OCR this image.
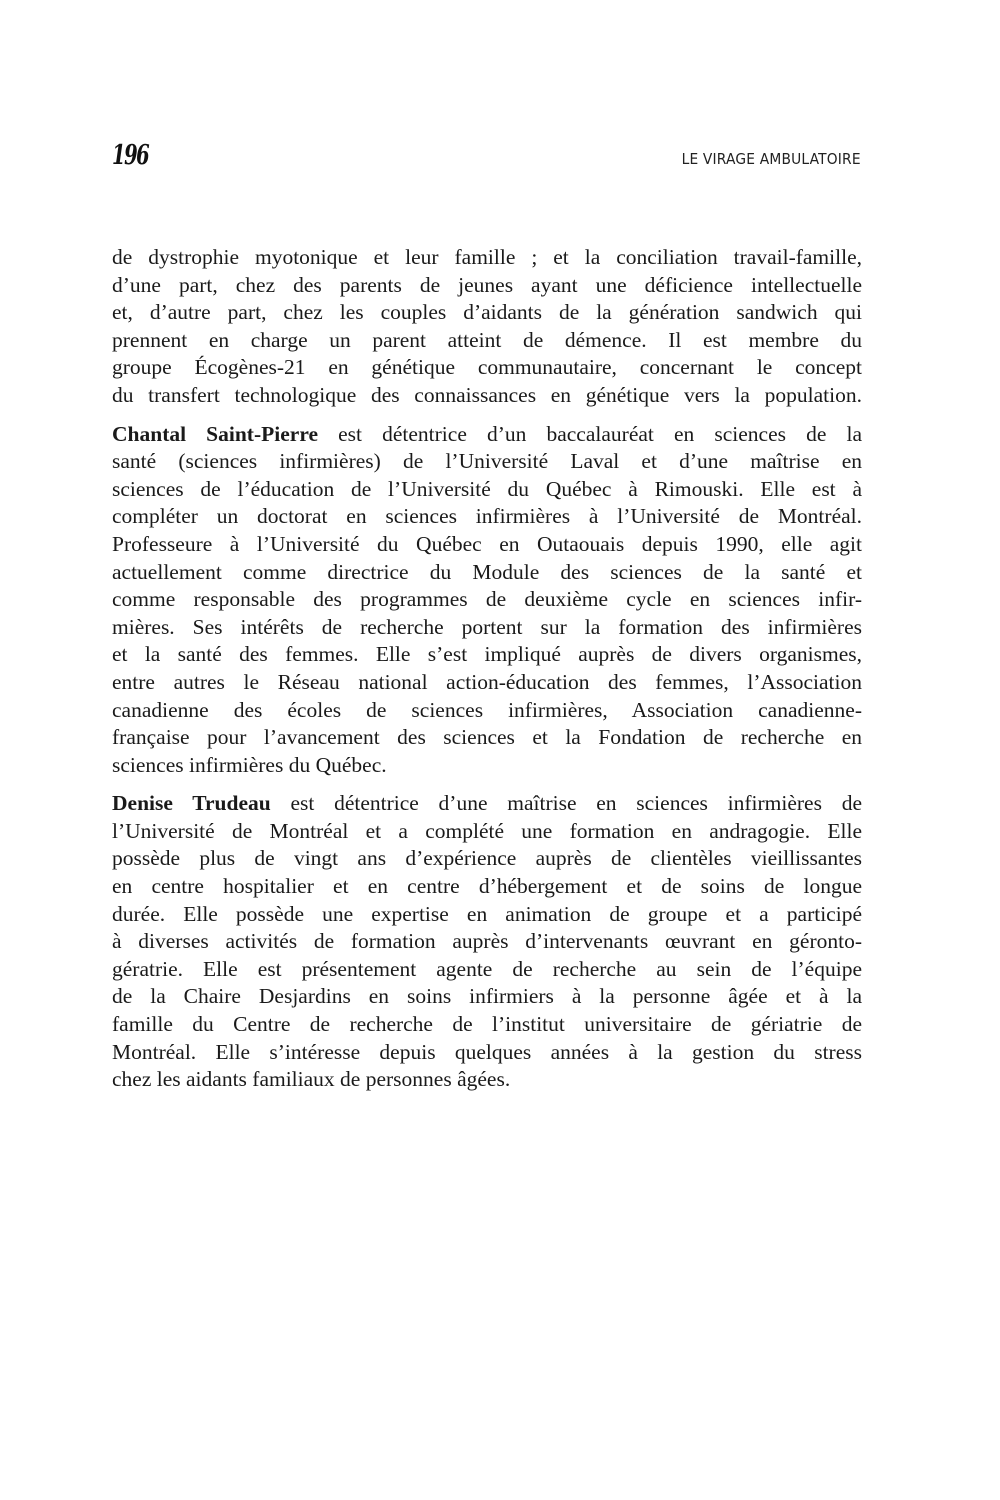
196	LE VIRAGE AMBULATOIRE
de dystrophie myotonique et leur famille ; et la conciliation travail-famille,
d’une part, chez des parents de jeunes ayant une déficience intellectuelle
et, d’autre part, chez les couples d’aidants de la génération sandwich qui
prennent en charge un parent atteint de démence. Il est membre du
groupe Écogènes-21 en génétique communautaire, concernant le concept
du transfert technologique des connaissances en génétique vers la population.
Chantal Saint-Pierre est détentrice d’un baccalauréat en sciences de la
santé (sciences infirmières) de l’Université Laval et d’une maîtrise en
sciences de l’éducation de l’Université du Québec à Rimouski. Elle est à
compléter un doctorat en sciences infirmières à l’Université de Montréal.
Professeure à l’Université du Québec en Outaouais depuis 1990, elle agit
actuellement comme directrice du Module des sciences de la santé et
comme responsable des programmes de deuxième cycle en sciences infir-
mières. Ses intérêts de recherche portent sur la formation des infirmières
et la santé des femmes. Elle s’est impliqué auprès de divers organismes,
entre autres le Réseau national action-éducation des femmes, l’Association
canadienne des écoles de sciences infirmières, Association canadienne-
française pour l’avancement des sciences et la Fondation de recherche en
sciences infirmières du Québec.
Denise Trudeau est détentrice d’une maîtrise en sciences infirmières de
l’Université de Montréal et a complété une formation en andragogie. Elle
possède plus de vingt ans d’expérience auprès de clientèles vieillissantes
en centre hospitalier et en centre d’hébergement et de soins de longue
durée. Elle possède une expertise en animation de groupe et a participé
à diverses activités de formation auprès d’intervenants œuvrant en géronto-
gératrie. Elle est présentement agente de recherche au sein de l’équipe
de la Chaire Desjardins en soins infirmiers à la personne âgée et à la
famille du Centre de recherche de l’institut universitaire de gériatrie de
Montréal. Elle s’intéresse depuis quelques années à la gestion du stress
chez les aidants familiaux de personnes âgées.
